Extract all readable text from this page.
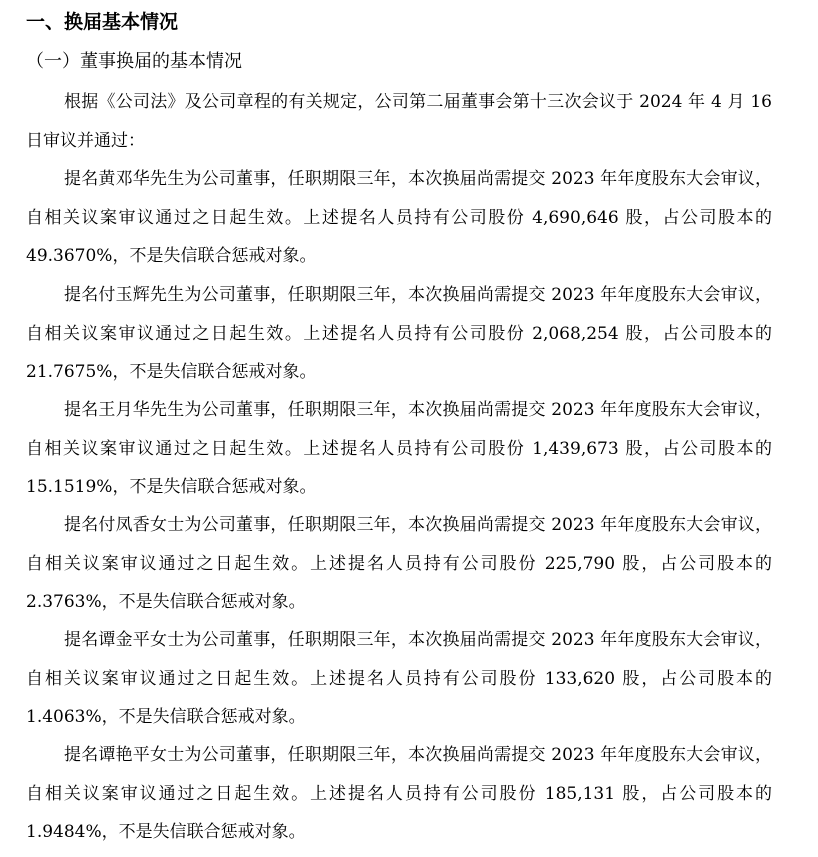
一、换届基本情况
（一）董事换届的基本情况

根据《公司法》及公司章程的有关规定，公司第二届董事会第十三次会议于 2024 年 4 月 16 日审议并通过：

提名黄邓华先生为公司董事，任职期限三年，本次换届尚需提交 2023 年年度股东大会审议，自相关议案审议通过之日起生效。上述提名人员持有公司股份 4,690,646 股，占公司股本的 49.3670%，不是失信联合惩戒对象。

提名付玉辉先生为公司董事，任职期限三年，本次换届尚需提交 2023 年年度股东大会审议，自相关议案审议通过之日起生效。上述提名人员持有公司股份 2,068,254 股，占公司股本的 21.7675%，不是失信联合惩戒对象。

提名王月华先生为公司董事，任职期限三年，本次换届尚需提交 2023 年年度股东大会审议，自相关议案审议通过之日起生效。上述提名人员持有公司股份 1,439,673 股，占公司股本的 15.1519%，不是失信联合惩戒对象。

提名付凤香女士为公司董事，任职期限三年，本次换届尚需提交 2023 年年度股东大会审议，自相关议案审议通过之日起生效。上述提名人员持有公司股份 225,790 股，占公司股本的 2.3763%，不是失信联合惩戒对象。

提名谭金平女士为公司董事，任职期限三年，本次换届尚需提交 2023 年年度股东大会审议，自相关议案审议通过之日起生效。上述提名人员持有公司股份 133,620 股，占公司股本的 1.4063%，不是失信联合惩戒对象。

提名谭艳平女士为公司董事，任职期限三年，本次换届尚需提交 2023 年年度股东大会审议，自相关议案审议通过之日起生效。上述提名人员持有公司股份 185,131 股，占公司股本的 1.9484%，不是失信联合惩戒对象。
